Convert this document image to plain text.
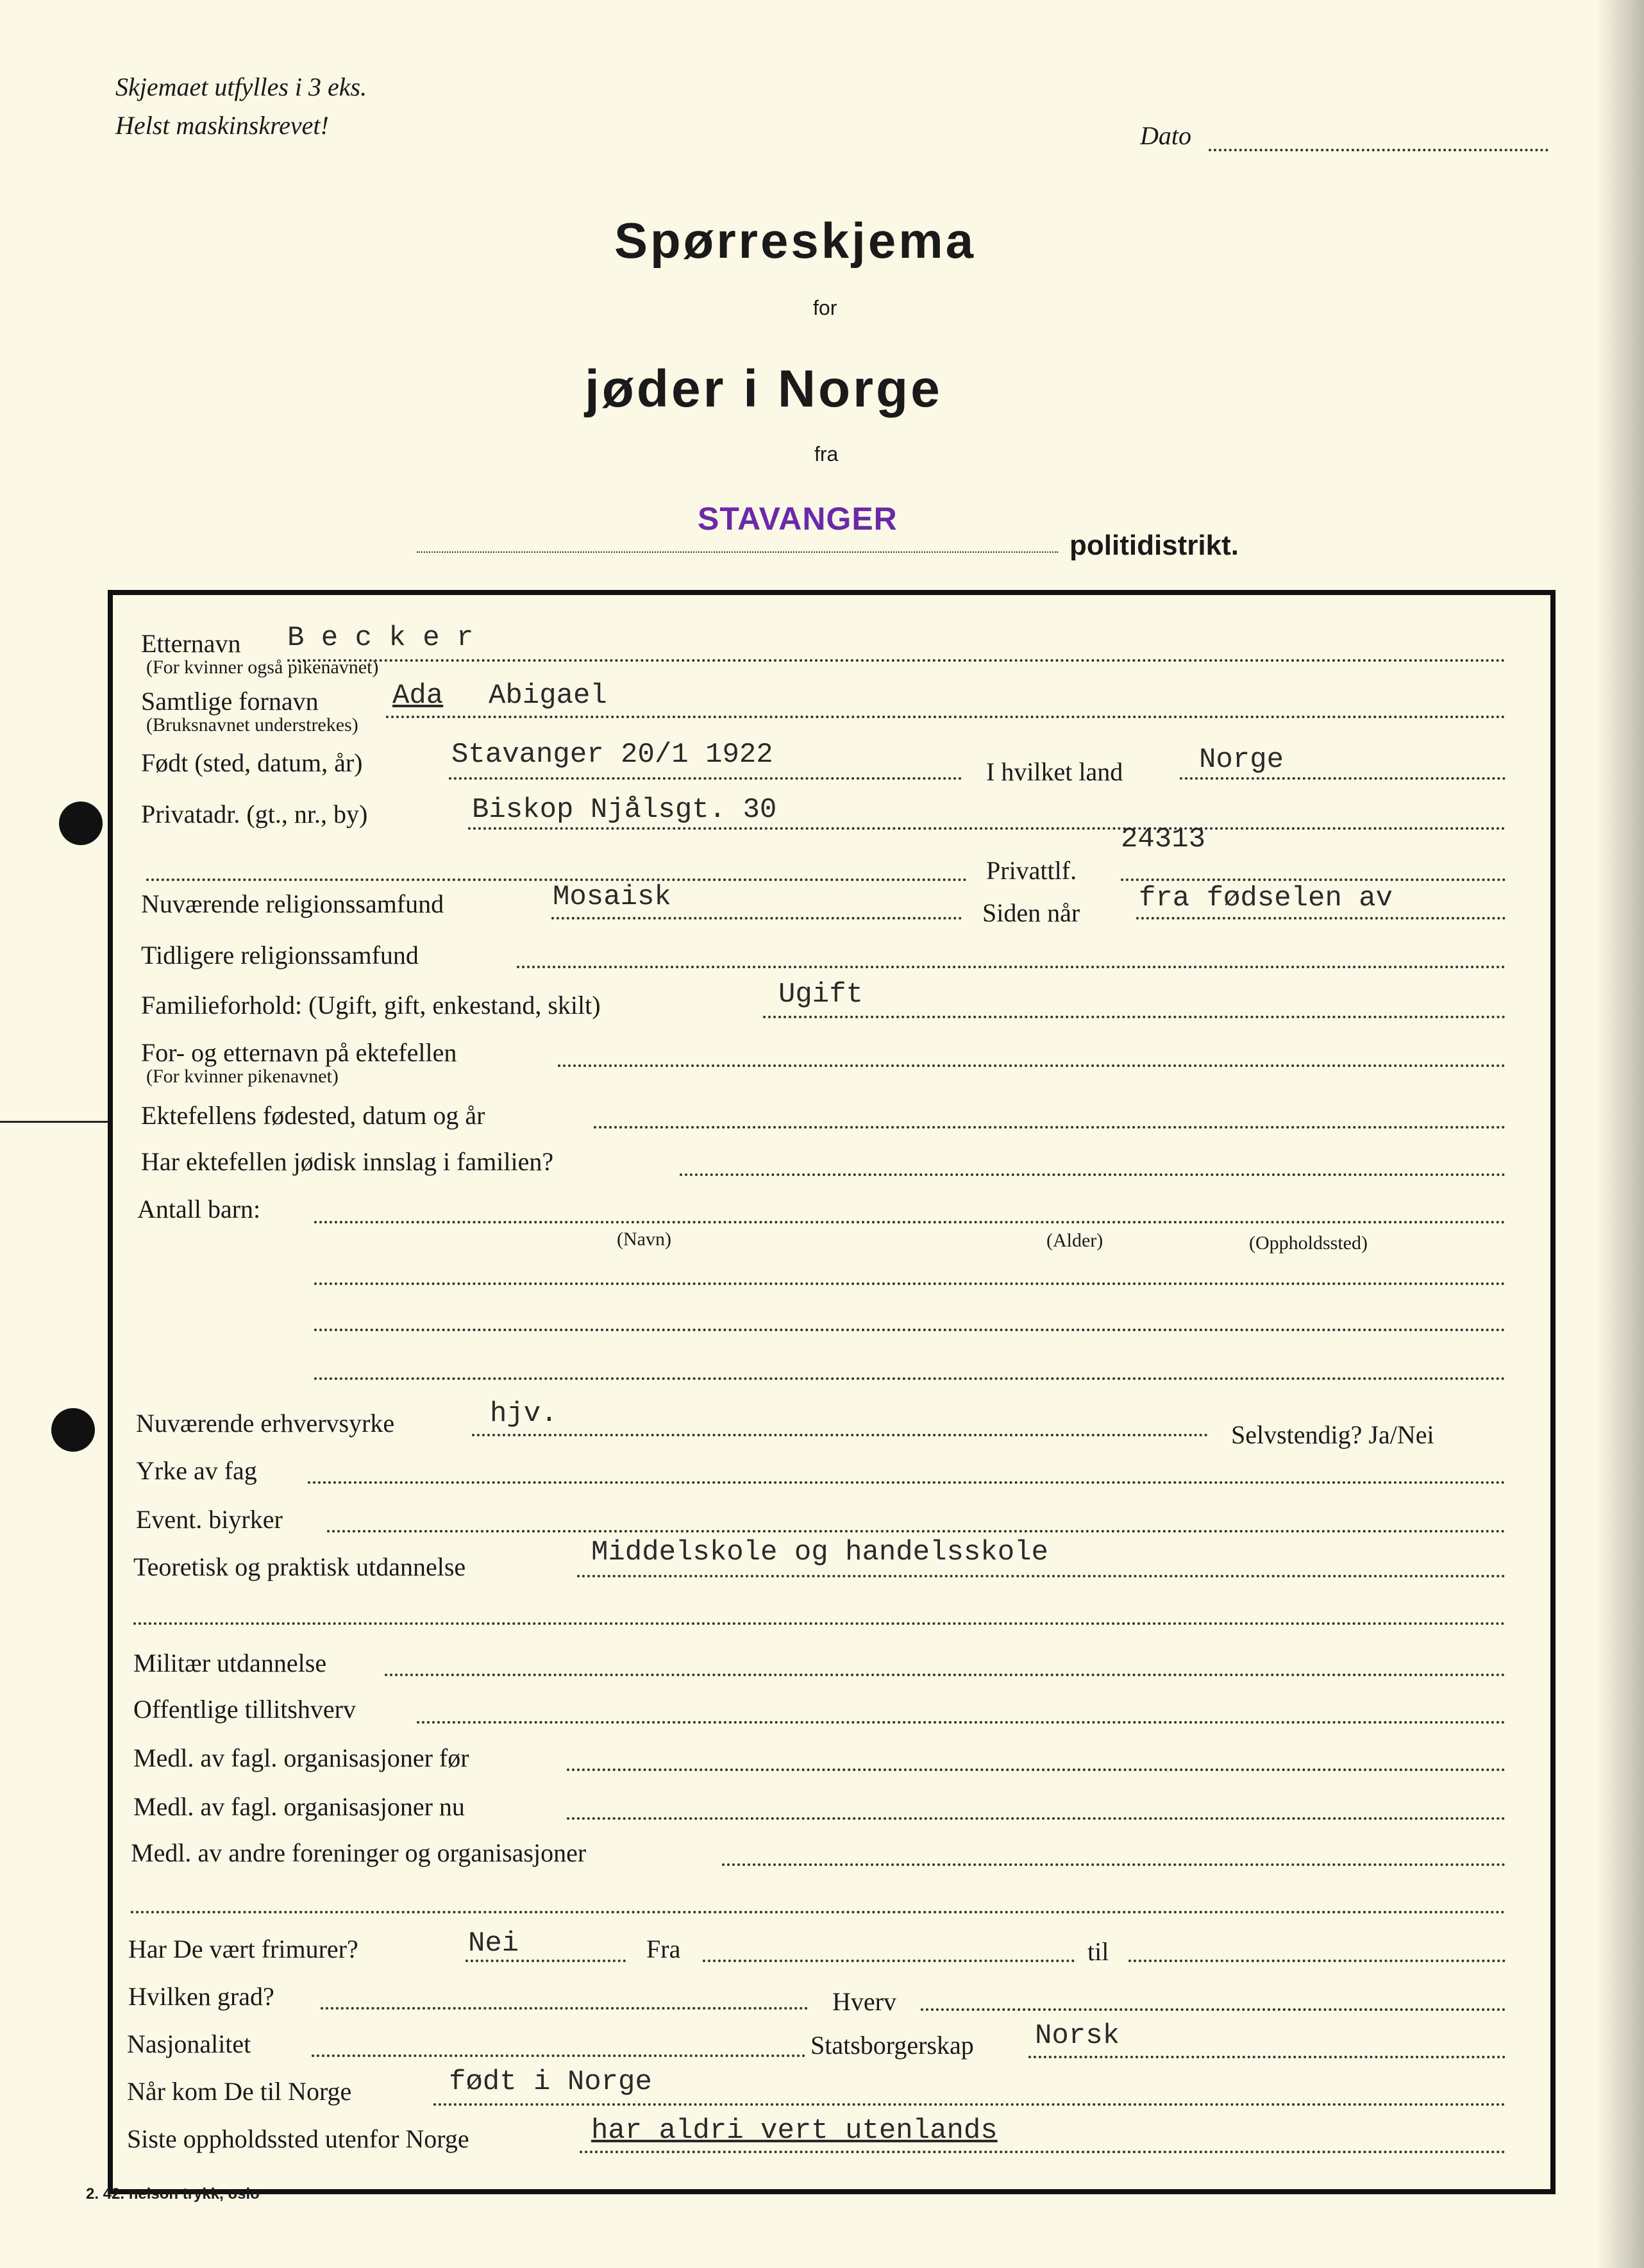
Skjemaet utfylles i 3 eks.
Helst maskinskrevet!	Dato
Spørreskjema
for
jøder i Norge
fra
STAVANGER
politidistrikt.
Etternavn B e c k e r
(For kvinner også pikenavnet)
Samtlige fornavn	Ada Abigael
(Bruksnavnet understrekes)
Født (sted, datum, år)	Stavanger 20/1 1922
I hvilket land	Norge
Privatadr. (gt., nr., by)	Biskop Njålsgt. 30
Privattlf.
24313
Nuværende religionssamfund	Mosaisk	Siden når fra fødselen av
Tidligere religionssamfund
Familieforhold: (Ugift, gift, enkestand, skilt)	Ugift
For- og etternavn på ektefellen
(For kvinner pikenavnet)
Ektefellens fødested, datum og år
Har ektefellen jødisk innslag i familien?
Antall barn:
(Navn)	(Alder)	(Oppholdssted)
Nuværende erhvervsyrke	hjv.
Selvstendig? Ja/Nei
Yrke av fag
Event. biyrker
Teoretisk og praktisk utdannelse	Middelskole og handelsskole
Militær utdannelse
Offentlige tillitshverv
Medl. av fagl. organisasjoner før
Medl. av fagl. organisasjoner nu
Medl. av andre foreninger og organisasjoner
Har De vært frimurer?	Nei	Fra	til
Hvilken grad?	Hverv
Nasjonalitet	Statsborgerskap Norsk
Når kom De til Norge	født i Norge
Siste oppholdssted utenfor Norge	har aldri vert utenlands
2. 42. nelson trykk, oslo
